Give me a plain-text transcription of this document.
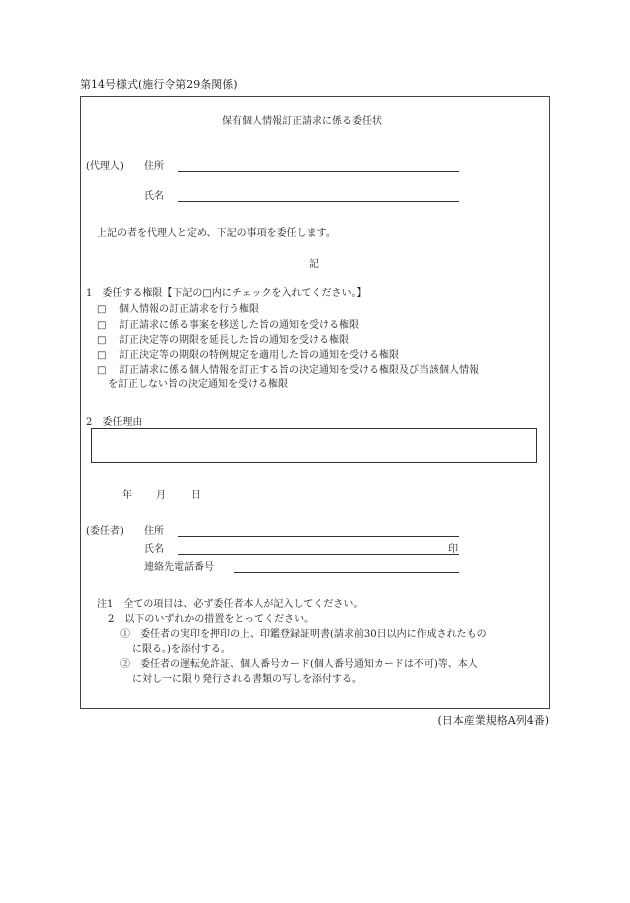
第14号様式(施行令第29条関係)
保有個人情報訂正請求に係る委任状
(代理人) 住所
氏名
上記の者を代理人と定め、下記の事項を委任します。
記
1　委任する権限【下記の□内にチェックを入れてください。】
□ 個人情報の訂正請求を行う権限
□ 訂正請求に係る事案を移送した旨の通知を受ける権限
□ 訂正決定等の期限を延長した旨の通知を受ける権限
□ 訂正決定等の期限の特例規定を適用した旨の通知を受ける権限
□ 訂正請求に係る個人情報を訂正する旨の決定通知を受ける権限及び当該個人情報
を訂正しない旨の決定通知を受ける権限
2　委任理由
年 月	日
(委任者) 住所
氏名	印
連絡先電話番号
注1　全ての項目は、必ず委任者本人が記入してください。
2　以下のいずれかの措置をとってください。
①　委任者の実印を押印の上、印鑑登録証明書(請求前30日以内に作成されたもの
に限る。)を添付する。
②　委任者の運転免許証、個人番号カード(個人番号通知カードは不可)等、本人
に対し一に限り発行される書類の写しを添付する。
(日本産業規格A列4番)
